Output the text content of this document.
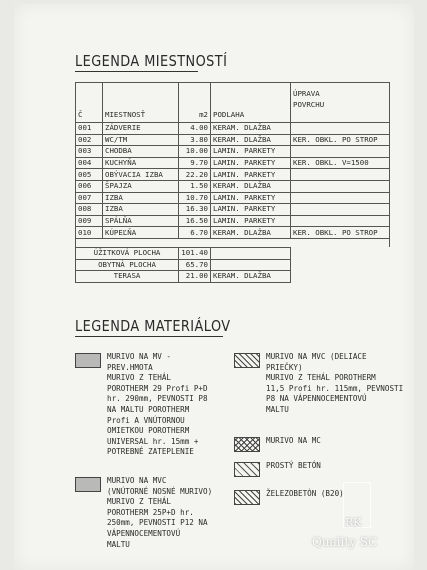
LEGENDA MIESTNOSTÍ
Č	MIESTNOSŤ	m2	PODLAHA	ÚPRAVA
POVRCHU

001	ZÁDVERIE	4.00	KERAM. DLAŽBA	
002	WC/TM	3.80	KERAM. DLAŽBA	KER. OBKL. PO STROP
003	CHODBA	10.00	LAMIN. PARKETY	
004	KUCHYŇA	9.70	LAMIN. PARKETY	KER. OBKL. V=1500
005	OBÝVACIA IZBA	22.20	LAMIN. PARKETY	
006	ŠPAJZA	1.50	KERAM. DLAŽBA	
007	IZBA	10.70	LAMIN. PARKETY	
008	IZBA	16.30	LAMIN. PARKETY	
009	SPÁLŇA	16.50	LAMIN. PARKETY	
010	KÚPEĽŇA	6.70	KERAM. DLAŽBA	KER. OBKL. PO STROP

ÚŽITKOVÁ PLOCHA		101.40		
OBYTNÁ PLOCHA		65.70		
TERASA		21.00	KERAM. DLAŽBA	
LEGENDA MATERIÁLOV
MURIVO NA MV -
PREV.HMOTA
MURIVO Z TEHÁL
POROTHERM 29 Profi P+D
hr. 290mm, PEVNOSTI P8
NA MALTU POROTHERM
Profi A VNÚTORNOU
OMIETKOU POROTHERM
UNIVERSAL hr. 15mm +
POTREBNÉ ZATEPLENIE
MURIVO NA MVC
(VNÚTORNÉ NOSNÉ MURIVO)
MURIVO Z TEHÁL
POROTHERM 25P+D hr.
250mm, PEVNOSTI P12 NA
VÁPENNOCEMENTOVÚ
MALTU
MURIVO NA MVC (DELIACE
PRIEČKY)
MURIVO Z TEHÁL POROTHERM
11,5 Profi hr. 115mm, PEVNOSTI
P8 NA VÁPENNOCEMENTOVÚ
MALTU
MURIVO NA MC
PROSTÝ BETÓN
ŽELEZOBETÓN (B20)
RK
Quality SC
